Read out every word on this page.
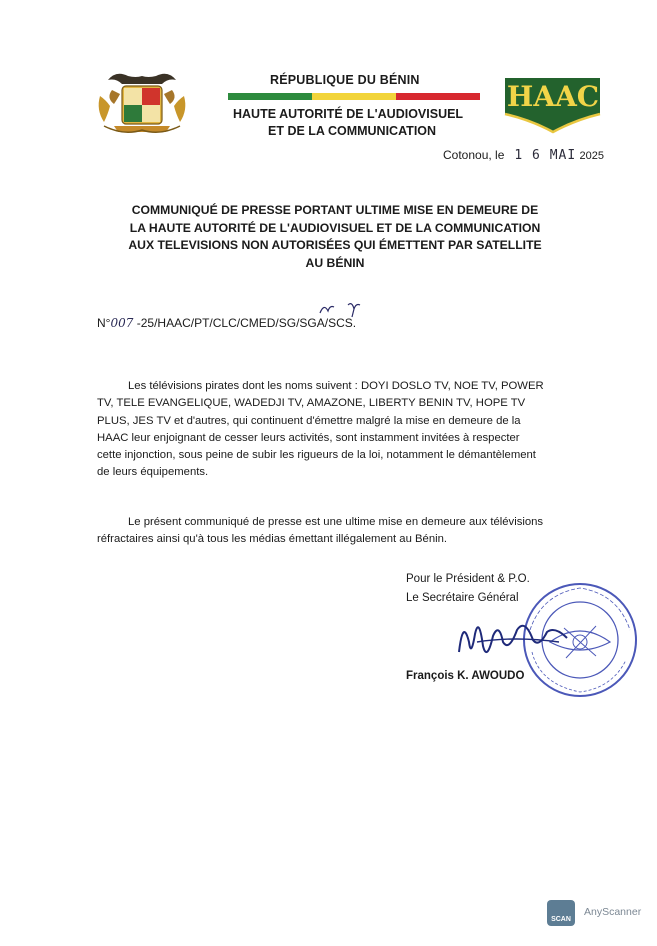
RÉPUBLIQUE DU BÉNIN
HAUTE AUTORITÉ DE L'AUDIOVISUEL
ET DE LA COMMUNICATION
HAAC
Cotonou, le 1 6 MAI 2025
COMMUNIQUÉ DE PRESSE PORTANT ULTIME MISE EN DEMEURE DE
LA HAUTE AUTORITÉ DE L'AUDIOVISUEL ET DE LA COMMUNICATION
AUX TELEVISIONS NON AUTORISÉES QUI ÉMETTENT PAR SATELLITE
AU BÉNIN
N°007 -25/HAAC/PT/CLC/CMED/SG/SGA/SCS.
Les télévisions pirates dont les noms suivent : DOYI DOSLO TV, NOE TV, POWER
TV, TELE EVANGELIQUE, WADEDJI TV, AMAZONE, LIBERTY BENIN TV, HOPE TV
PLUS, JES TV et d'autres, qui continuent d'émettre malgré la mise en demeure de la
HAAC leur enjoignant de cesser leurs activités, sont instamment invitées à respecter
cette injonction, sous peine de subir les rigueurs de la loi, notamment le démantèlement
de leurs équipements.
Le présent communiqué de presse est une ultime mise en demeure aux télévisions
réfractaires ainsi qu'à tous les médias émettant illégalement au Bénin.
Pour le Président & P.O.
Le Secrétaire Général
François K. AWOUDO
SCAN
AnyScanner
